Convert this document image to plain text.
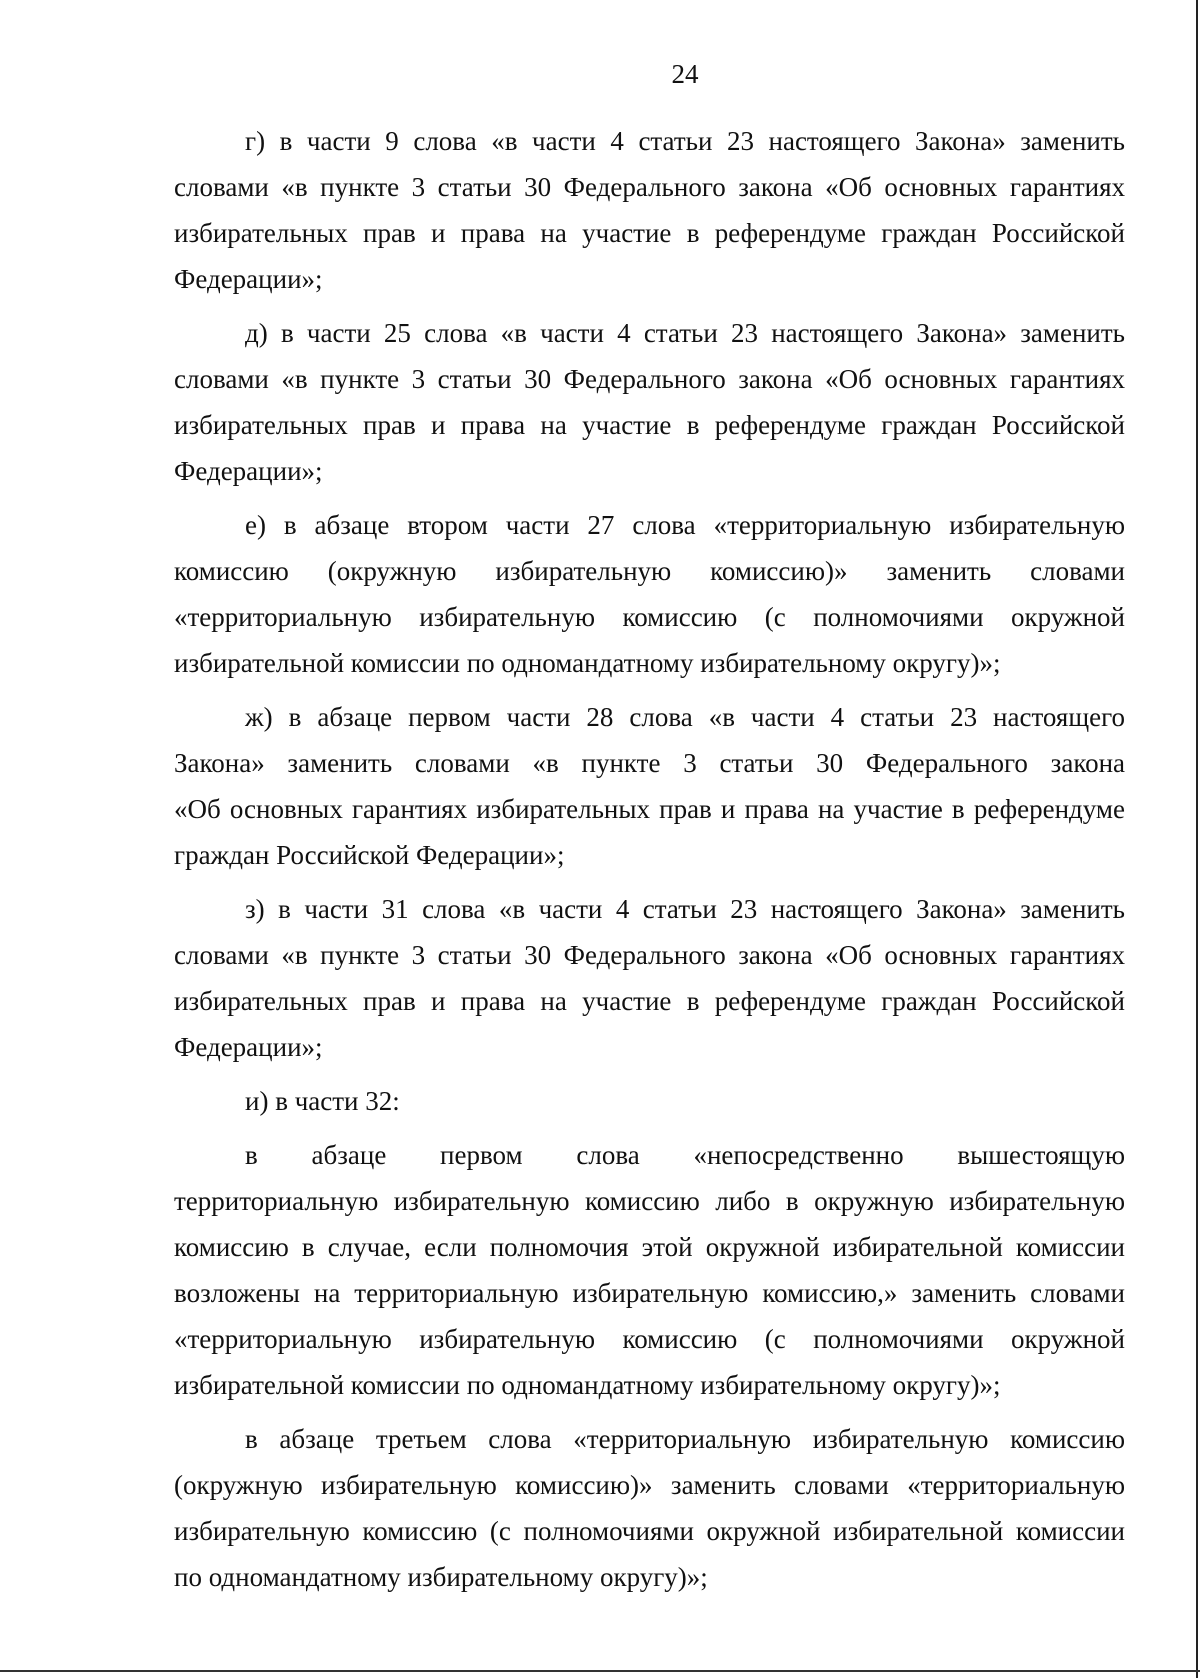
24
г) в части 9 слова «в части 4 статьи 23 настоящего Закона» заменить
словами «в пункте 3 статьи 30 Федерального закона «Об основных гарантиях
избирательных прав и права на участие в референдуме граждан Российской
Федерации»;
д) в части 25 слова «в части 4 статьи 23 настоящего Закона» заменить
словами «в пункте 3 статьи 30 Федерального закона «Об основных гарантиях
избирательных прав и права на участие в референдуме граждан Российской
Федерации»;
е) в абзаце втором части 27 слова «территориальную избирательную
комиссию (окружную избирательную комиссию)» заменить словами
«территориальную избирательную комиссию (с полномочиями окружной
избирательной комиссии по одномандатному избирательному округу)»;
ж) в абзаце первом части 28 слова «в части 4 статьи 23 настоящего
Закона» заменить словами «в пункте 3 статьи 30 Федерального закона
«Об основных гарантиях избирательных прав и права на участие в референдуме
граждан Российской Федерации»;
з) в части 31 слова «в части 4 статьи 23 настоящего Закона» заменить
словами «в пункте 3 статьи 30 Федерального закона «Об основных гарантиях
избирательных прав и права на участие в референдуме граждан Российской
Федерации»;
и) в части 32:
в абзаце первом слова «непосредственно вышестоящую
территориальную избирательную комиссию либо в окружную избирательную
комиссию в случае, если полномочия этой окружной избирательной комиссии
возложены на территориальную избирательную комиссию,» заменить словами
«территориальную избирательную комиссию (с полномочиями окружной
избирательной комиссии по одномандатному избирательному округу)»;
в абзаце третьем слова «территориальную избирательную комиссию
(окружную избирательную комиссию)» заменить словами «территориальную
избирательную комиссию (с полномочиями окружной избирательной комиссии
по одномандатному избирательному округу)»;
